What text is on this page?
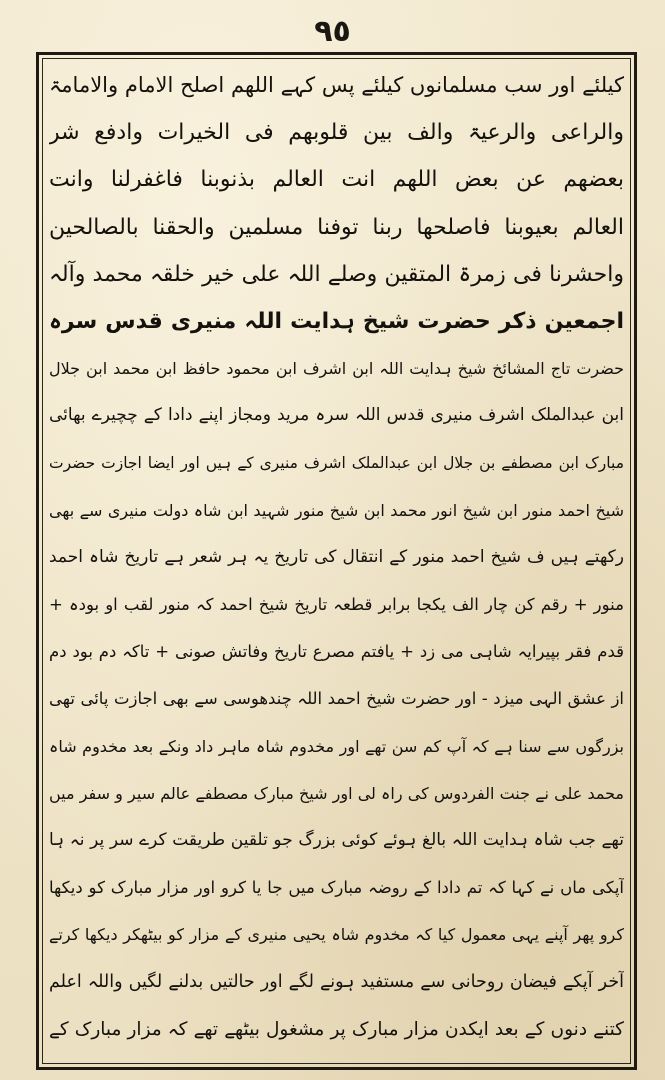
٩٥
کیلئے اور سب مسلمانوں کیلئے پس کہے اللھم اصلح الامام والامامۃ
والراعی والرعیۃ والف بین قلوبھم فی الخیرات وادفع شر
بعضھم عن بعض اللھم انت العالم بذنوبنا فاغفرلنا وانت
العالم بعیوبنا فاصلحھا ربنا توفنا مسلمین والحقنا بالصالحین
واحشرنا فی زمرۃ المتقین وصلے اللہ علی خیر خلقہ محمد وآلہ
اجمعین ذکر حضرت شیخ ہدایت اللہ منیری قدس سرہ
حضرت تاج المشائخ شیخ ہدایت اللہ ابن اشرف ابن محمود حافظ ابن محمد ابن جلال
ابن عبدالملک اشرف منیری قدس اللہ سرہ مرید ومجاز اپنے دادا کے چچیرے بھائی
مبارک ابن مصطفے بن جلال ابن عبدالملک اشرف منیری کے ہیں اور ایضا اجازت حضرت
شیخ احمد منور ابن شیخ انور محمد ابن شیخ منور شہید ابن شاہ دولت منیری سے بھی
رکھتے ہیں ف شیخ احمد منور کے انتقال کی تاریخ یہ ہر شعر ہے تاریخ شاہ احمد
منور + رقم کن چار الف یکجا برابر قطعہ تاریخ شیخ احمد کہ منور لقب او بودہ +
قدم فقر بپیرایہ شاہی می زد + یافتم مصرع تاریخ وفاتش صونی + تاکہ دم بود دم
از عشق الہی میزد - اور حضرت شیخ احمد اللہ چندھوسی سے بھی اجازت پائی تھی
بزرگوں سے سنا ہے کہ آپ کم سن تھے اور مخدوم شاہ ماہر داد ونکے بعد مخدوم شاہ
محمد علی نے جنت الفردوس کی راہ لی اور شیخ مبارک مصطفے عالم سیر و سفر میں
تھے جب شاہ ہدایت اللہ بالغ ہوئے کوئی بزرگ جو تلقین طریقت کرے سر پر نہ ہا
آپکی ماں نے کہا کہ تم دادا کے روضہ مبارک میں جا یا کرو اور مزار مبارک کو دیکھا
کرو پھر آپنے یہی معمول کیا کہ مخدوم شاہ یحیی منیری کے مزار کو بیٹھکر دیکھا کرتے
آخر آپکے فیضان روحانی سے مستفید ہونے لگے اور حالتیں بدلنے لگیں واللہ اعلم
کتنے دنوں کے بعد ایکدن مزار مبارک پر مشغول بیٹھے تھے کہ مزار مبارک کے
